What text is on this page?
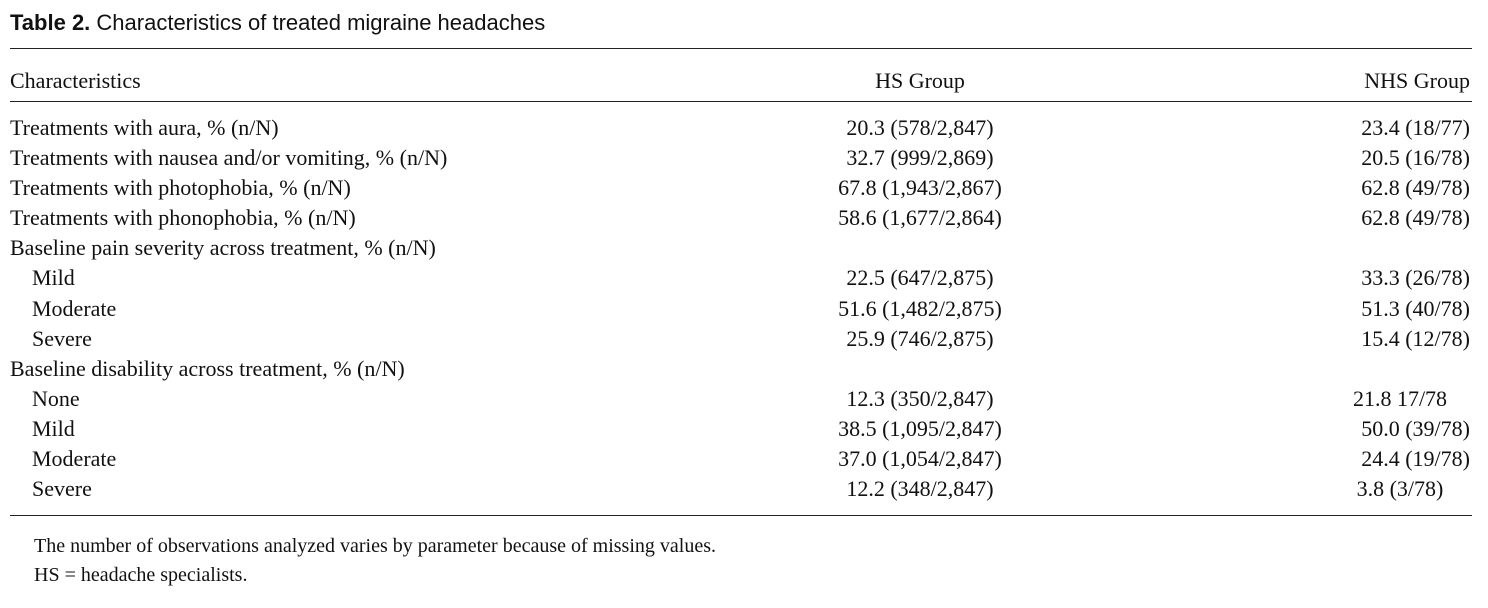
Table 2. Characteristics of treated migraine headaches
Characteristics	HS Group	NHS Group
Treatments with aura, % (n/N)	20.3 (578/2,847)	23.4 (18/77)
Treatments with nausea and/or vomiting, % (n/N)	32.7 (999/2,869)	20.5 (16/78)
Treatments with photophobia, % (n/N)	67.8 (1,943/2,867)	62.8 (49/78)
Treatments with phonophobia, % (n/N)	58.6 (1,677/2,864)	62.8 (49/78)
Baseline pain severity across treatment, % (n/N)
Mild	22.5 (647/2,875)	33.3 (26/78)
Moderate	51.6 (1,482/2,875)	51.3 (40/78)
Severe	25.9 (746/2,875)	15.4 (12/78)
Baseline disability across treatment, % (n/N)
None	12.3 (350/2,847)	21.8 17/78
Mild	38.5 (1,095/2,847)	50.0 (39/78)
Moderate	37.0 (1,054/2,847)	24.4 (19/78)
Severe	12.2 (348/2,847)	3.8 (3/78)
The number of observations analyzed varies by parameter because of missing values.
HS = headache specialists.
